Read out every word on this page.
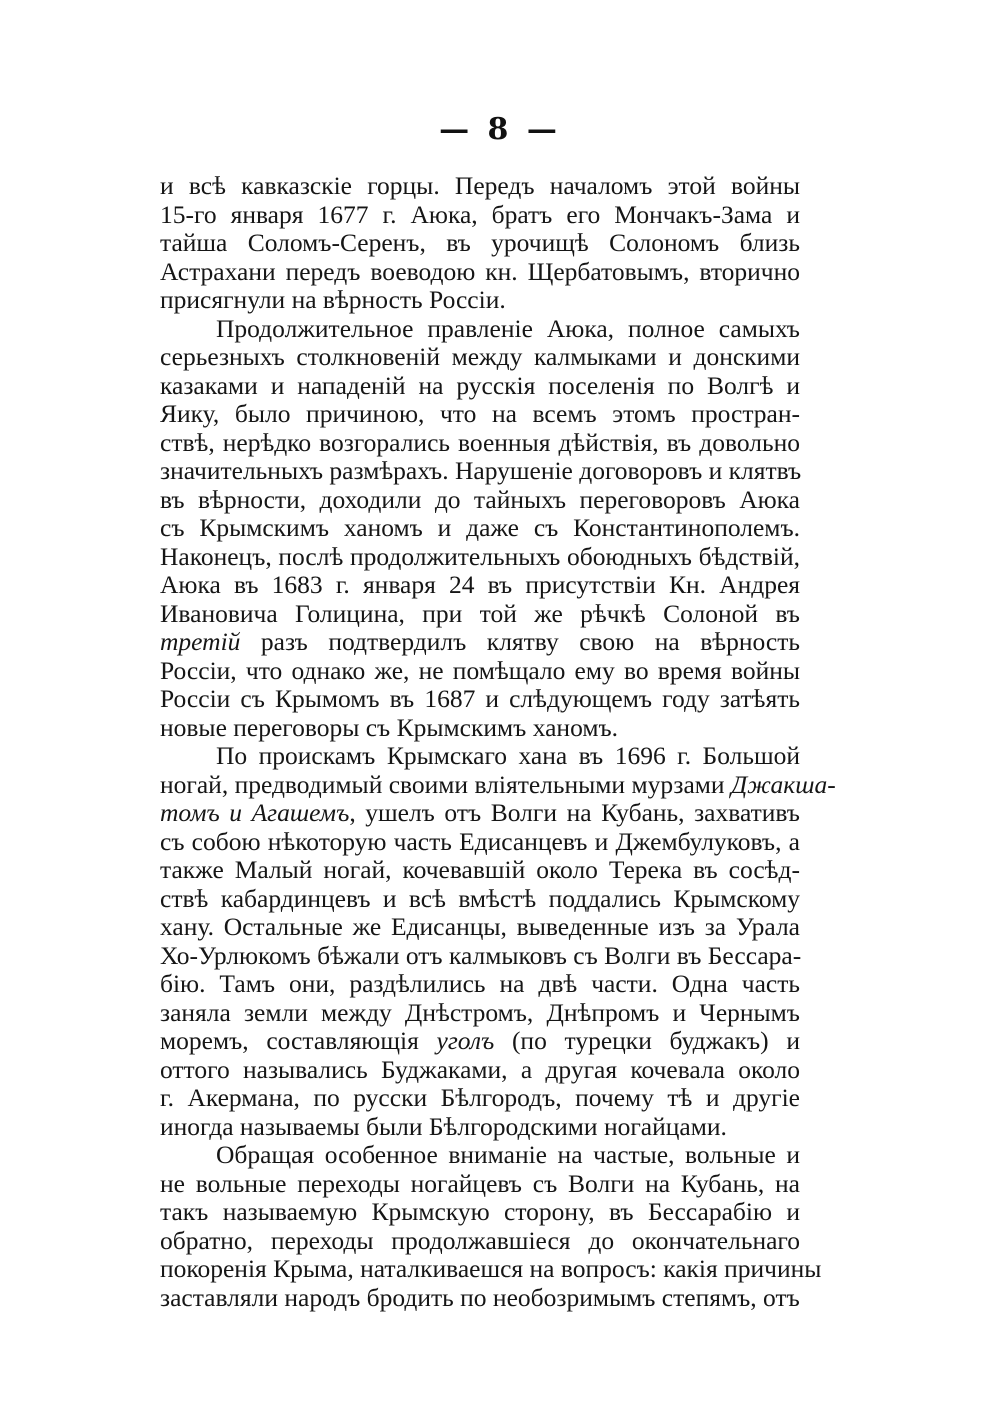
— 8 —
и всѣ кавказскіе горцы. Передъ началомъ этой войны
15-го января 1677 г. Аюка, братъ его Мончакъ-Зама и
тайша Соломъ-Серенъ, въ урочищѣ Солономъ близь
Астрахани передъ воеводою кн. Щербатовымъ, вторично
присягнули на вѣрность Россіи.
Продолжительное правленіе Аюка, полное самыхъ
серьезныхъ столкновеній между калмыками и донскими
казаками и нападеній на русскія поселенія по Волгѣ и
Яику, было причиною, что на всемъ этомъ простран-
ствѣ, нерѣдко возгорались военныя дѣйствія, въ довольно
значительныхъ размѣрахъ. Нарушеніе договоровъ и клятвъ
въ вѣрности, доходили до тайныхъ переговоровъ Аюка
съ Крымскимъ ханомъ и даже съ Константинополемъ.
Наконецъ, послѣ продолжительныхъ обоюдныхъ бѣдствій,
Аюка въ 1683 г. января 24 въ присутствіи Кн. Андрея
Ивановича Голицина, при той же рѣчкѣ Солоной въ
третій разъ подтвердилъ клятву свою на вѣрность
Россіи, что однако же, не помѣщало ему во время войны
Россіи съ Крымомъ въ 1687 и слѣдующемъ году затѣять
новые переговоры съ Крымскимъ ханомъ.
По проискамъ Крымскаго хана въ 1696 г. Большой
ногай, предводимый своими вліятельными мурзами Джакша-
томъ и Агашемъ, ушелъ отъ Волги на Кубань, захвативъ
съ собою нѣкоторую часть Едисанцевъ и Джембулуковъ, а
также Малый ногай, кочевавшій около Терека въ сосѣд-
ствѣ кабардинцевъ и всѣ вмѣстѣ поддались Крымскому
хану. Остальные же Едисанцы, выведенные изъ за Урала
Хо-Урлюкомъ бѣжали отъ калмыковъ съ Волги въ Бессара-
бію. Тамъ они, раздѣлились на двѣ части. Одна часть
заняла земли между Днѣстромъ, Днѣпромъ и Чернымъ
моремъ, составляющія уголъ (по турецки буджакъ) и
оттого назывались Буджаками, а другая кочевала около
г. Акермана, по русски Бѣлгородъ, почему тѣ и другіе
иногда называемы были Бѣлгородскими ногайцами.
Обращая особенное вниманіе на частые, вольные и
не вольные переходы ногайцевъ съ Волги на Кубань, на
такъ называемую Крымскую сторону, въ Бессарабію и
обратно, переходы продолжавшіеся до окончательнаго
покоренія Крыма, наталкиваешся на вопросъ: какія причины
заставляли народъ бродить по необозримымъ степямъ, отъ
